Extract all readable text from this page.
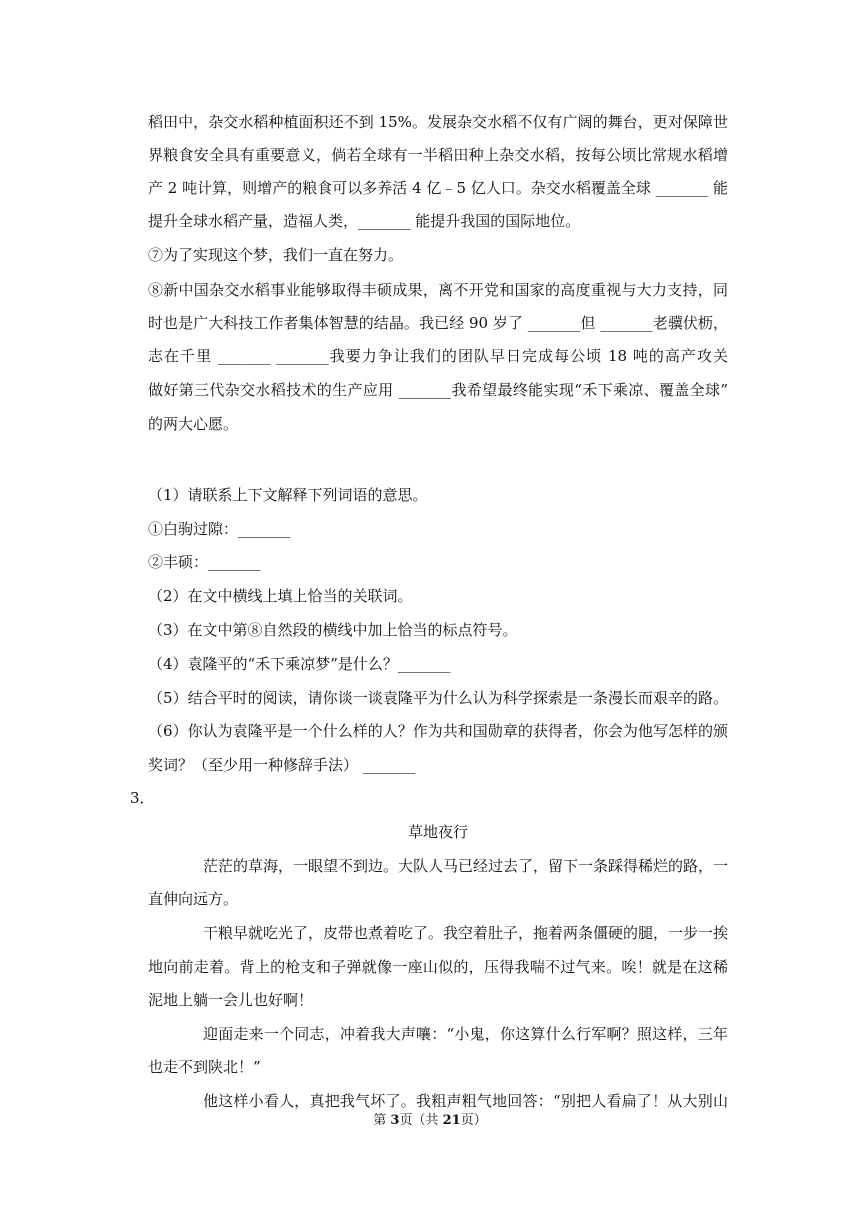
稻田中，杂交水稻种植面积还不到 15%。发展杂交水稻不仅有广阔的舞台，更对保障世
界粮食安全具有重要意义，倘若全球有一半稻田种上杂交水稻，按每公顷比常规水稻增
产 2 吨计算，则增产的粮食可以多养活 4 亿﹣5 亿人口。杂交水稻覆盖全球 _______ 能
提升全球水稻产量，造福人类，_______ 能提升我国的国际地位。
⑦为了实现这个梦，我们一直在努力。
⑧新中国杂交水稻事业能够取得丰硕成果，离不开党和国家的高度重视与大力支持，同
时也是广大科技工作者集体智慧的结晶。我已经 90 岁了 _______但 _______老骥伏枥，
志在千里 _______ _______我要力争让我们的团队早日完成每公顷 18 吨的高产攻关
做好第三代杂交水稻技术的生产应用 _______我希望最终能实现“禾下乘凉、覆盖全球”
的两大心愿。
（1）请联系上下文解释下列词语的意思。
①白驹过隙：_______
②丰硕：_______
（2）在文中横线上填上恰当的关联词。
（3）在文中第⑧自然段的横线中加上恰当的标点符号。
（4）袁隆平的“禾下乘凉梦”是什么？_______
（5）结合平时的阅读，请你谈一谈袁隆平为什么认为科学探索是一条漫长而艰辛的路。
（6）你认为袁隆平是一个什么样的人？作为共和国勋章的获得者，你会为他写怎样的颁
奖词？（至少用一种修辞手法） _______
3．
草地夜行
茫茫的草海，一眼望不到边。大队人马已经过去了，留下一条踩得稀烂的路，一
直伸向远方。
干粮早就吃光了，皮带也煮着吃了。我空着肚子，拖着两条僵硬的腿，一步一挨
地向前走着。背上的枪支和子弹就像一座山似的，压得我喘不过气来。唉！就是在这稀
泥地上躺一会儿也好啊！
迎面走来一个同志，冲着我大声嚷：“小鬼，你这算什么行军啊？照这样，三年
也走不到陕北！”
他这样小看人，真把我气坏了。我粗声粗气地回答：“别把人看扁了！从大别山
第 3页（共 21页）
